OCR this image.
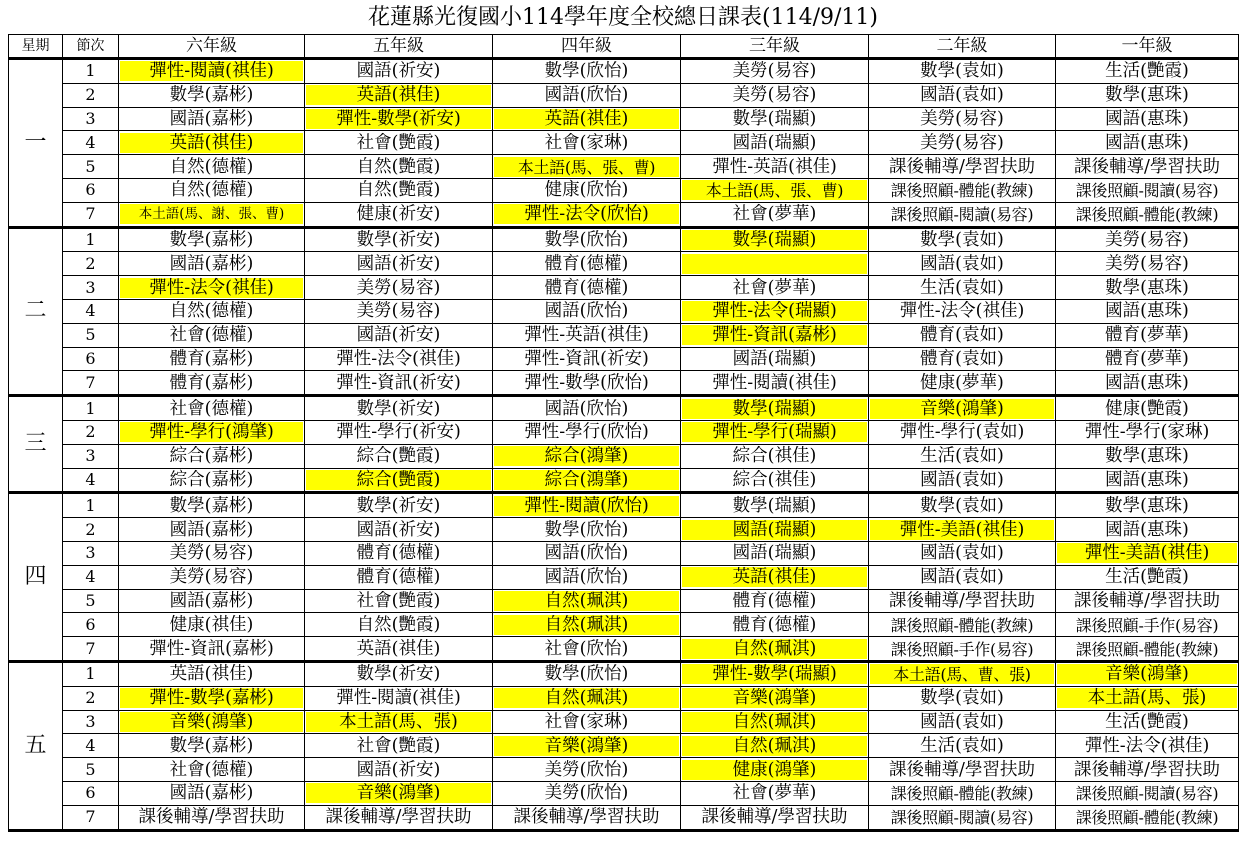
花蓮縣光復國小114學年度全校總日課表(114/9/11)
星期	節次	六年級	五年級	四年級	三年級	二年級	一年級
一	1	彈性-閱讀(祺佳)	國語(祈安)	數學(欣怡)	美勞(易容)	數學(袁如)	生活(艷霞)

	2	數學(嘉彬)	英語(祺佳)	國語(欣怡)	美勞(易容)	國語(袁如)	數學(惠珠)

	3	國語(嘉彬)	彈性-數學(祈安)	英語(祺佳)	數學(瑞顯)	美勞(易容)	國語(惠珠)

	4	英語(祺佳)	社會(艷霞)	社會(家琳)	國語(瑞顯)	美勞(易容)	國語(惠珠)

	5	自然(德權)	自然(艷霞)	本土語(馬、張、曹)	彈性-英語(祺佳)	課後輔導/學習扶助	課後輔導/學習扶助

	6	自然(德權)	自然(艷霞)	健康(欣怡)	本土語(馬、張、曹)	課後照顧-體能(教練)	課後照顧-閱讀(易容)

	7	本土語(馬、謝、張、曹)	健康(祈安)	彈性-法令(欣怡)	社會(夢華)	課後照顧-閱讀(易容)	課後照顧-體能(教練)

二	1	數學(嘉彬)	數學(祈安)	數學(欣怡)	數學(瑞顯)	數學(袁如)	美勞(易容)

	2	國語(嘉彬)	國語(祈安)	體育(德權)		國語(袁如)	美勞(易容)

	3	彈性-法令(祺佳)	美勞(易容)	體育(德權)	社會(夢華)	生活(袁如)	數學(惠珠)

	4	自然(德權)	美勞(易容)	國語(欣怡)	彈性-法令(瑞顯)	彈性-法令(祺佳)	國語(惠珠)

	5	社會(德權)	國語(祈安)	彈性-英語(祺佳)	彈性-資訊(嘉彬)	體育(袁如)	體育(夢華)

	6	體育(嘉彬)	彈性-法令(祺佳)	彈性-資訊(祈安)	國語(瑞顯)	體育(袁如)	體育(夢華)

	7	體育(嘉彬)	彈性-資訊(祈安)	彈性-數學(欣怡)	彈性-閱讀(祺佳)	健康(夢華)	國語(惠珠)

三	1	社會(德權)	數學(祈安)	國語(欣怡)	數學(瑞顯)	音樂(鴻肇)	健康(艷霞)

	2	彈性-學行(鴻肇)	彈性-學行(祈安)	彈性-學行(欣怡)	彈性-學行(瑞顯)	彈性-學行(袁如)	彈性-學行(家琳)

	3	綜合(嘉彬)	綜合(艷霞)	綜合(鴻肇)	綜合(祺佳)	生活(袁如)	數學(惠珠)

	4	綜合(嘉彬)	綜合(艷霞)	綜合(鴻肇)	綜合(祺佳)	國語(袁如)	國語(惠珠)

四	1	數學(嘉彬)	數學(祈安)	彈性-閱讀(欣怡)	數學(瑞顯)	數學(袁如)	數學(惠珠)

	2	國語(嘉彬)	國語(祈安)	數學(欣怡)	國語(瑞顯)	彈性-美語(祺佳)	國語(惠珠)

	3	美勞(易容)	體育(德權)	國語(欣怡)	國語(瑞顯)	國語(袁如)	彈性-美語(祺佳)

	4	美勞(易容)	體育(德權)	國語(欣怡)	英語(祺佳)	國語(袁如)	生活(艷霞)

	5	國語(嘉彬)	社會(艷霞)	自然(珮淇)	體育(德權)	課後輔導/學習扶助	課後輔導/學習扶助

	6	健康(祺佳)	自然(艷霞)	自然(珮淇)	體育(德權)	課後照顧-體能(教練)	課後照顧-手作(易容)

	7	彈性-資訊(嘉彬)	英語(祺佳)	社會(欣怡)	自然(珮淇)	課後照顧-手作(易容)	課後照顧-體能(教練)

五	1	英語(祺佳)	數學(祈安)	數學(欣怡)	彈性-數學(瑞顯)	本土語(馬、曹、張)	音樂(鴻肇)

	2	彈性-數學(嘉彬)	彈性-閱讀(祺佳)	自然(珮淇)	音樂(鴻肇)	數學(袁如)	本土語(馬、張)

	3	音樂(鴻肇)	本土語(馬、張)	社會(家琳)	自然(珮淇)	國語(袁如)	生活(艷霞)

	4	數學(嘉彬)	社會(艷霞)	音樂(鴻肇)	自然(珮淇)	生活(袁如)	彈性-法令(祺佳)

	5	社會(德權)	國語(祈安)	美勞(欣怡)	健康(鴻肇)	課後輔導/學習扶助	課後輔導/學習扶助

	6	國語(嘉彬)	音樂(鴻肇)	美勞(欣怡)	社會(夢華)	課後照顧-體能(教練)	課後照顧-閱讀(易容)

	7	課後輔導/學習扶助	課後輔導/學習扶助	課後輔導/學習扶助	課後輔導/學習扶助	課後照顧-閱讀(易容)	課後照顧-體能(教練)
